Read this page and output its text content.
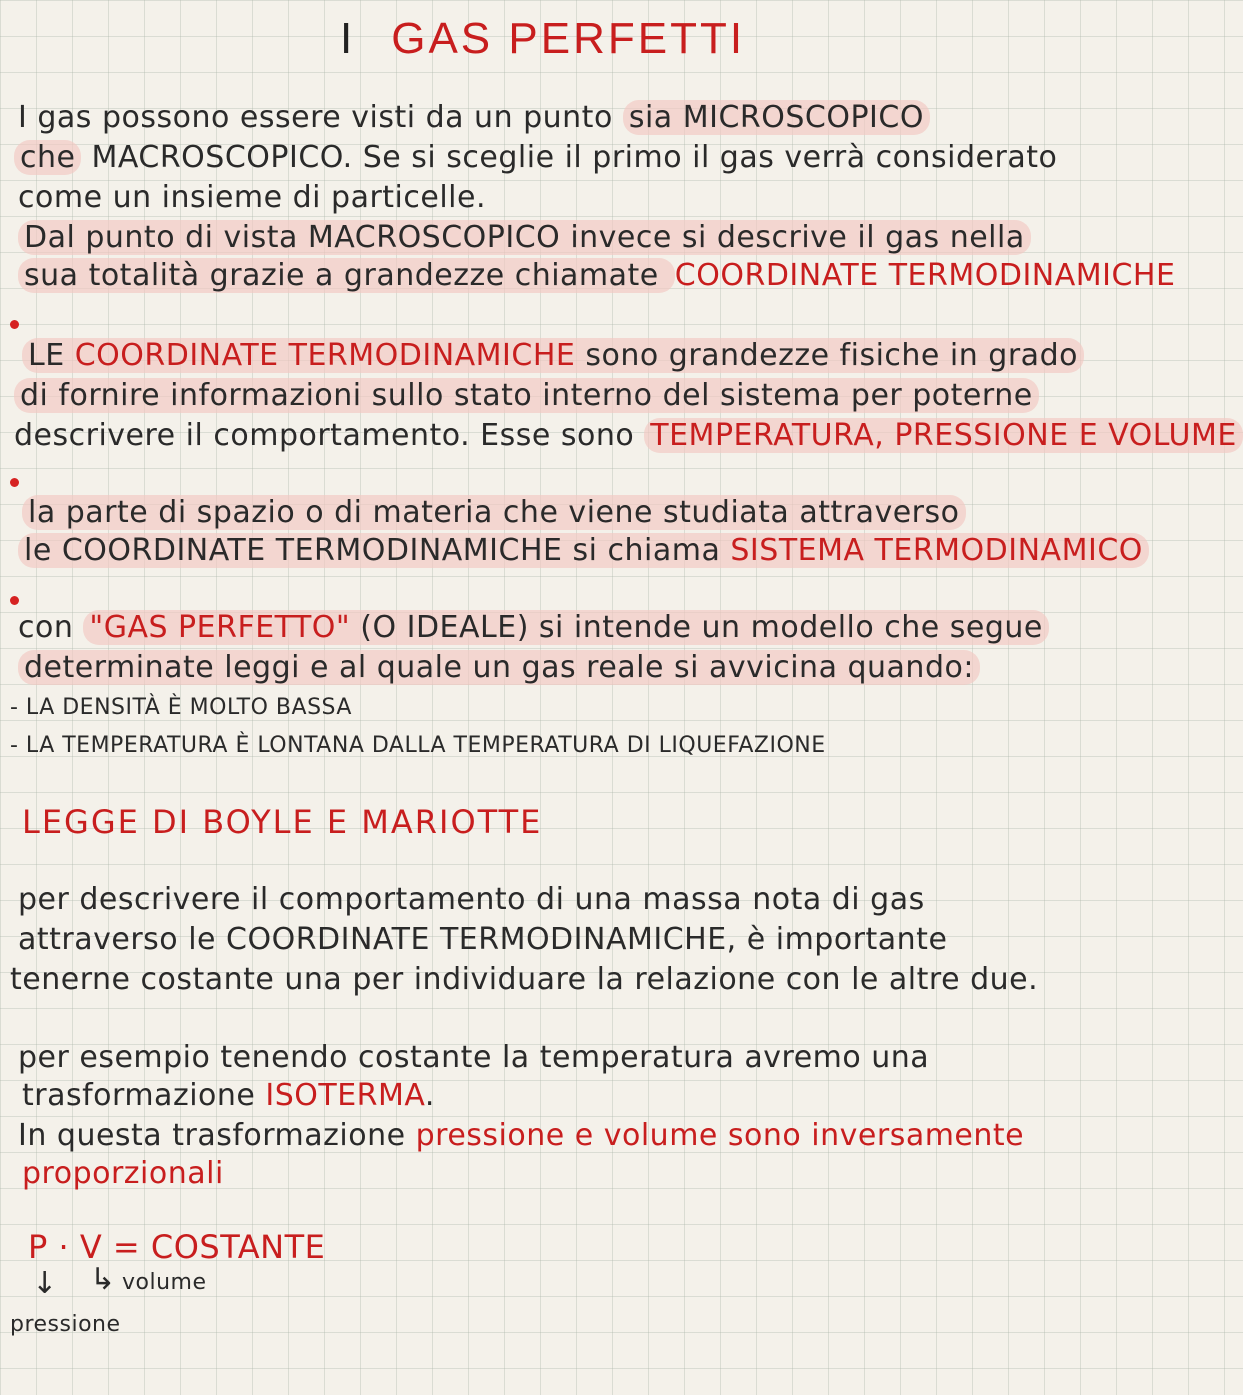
I GAS PERFETTI
I gas possono essere visti da un punto sia MICROSCOPICO
che MACROSCOPICO. Se si sceglie il primo il gas verrà considerato
come un insieme di particelle.
Dal punto di vista MACROSCOPICO invece si descrive il gas nella
sua totalità grazie a grandezze chiamate COORDINATE TERMODINAMICHE
LE COORDINATE TERMODINAMICHE sono grandezze fisiche in grado
di fornire informazioni sullo stato interno del sistema per poterne
descrivere il comportamento. Esse sono TEMPERATURA, PRESSIONE E VOLUME
la parte di spazio o di materia che viene studiata attraverso
le COORDINATE TERMODINAMICHE si chiama SISTEMA TERMODINAMICO
con "GAS PERFETTO" (O IDEALE) si intende un modello che segue
determinate leggi e al quale un gas reale si avvicina quando:
- LA DENSITÀ È MOLTO BASSA
- LA TEMPERATURA È LONTANA DALLA TEMPERATURA DI LIQUEFAZIONE
LEGGE DI BOYLE E MARIOTTE
per descrivere il comportamento di una massa nota di gas
attraverso le COORDINATE TERMODINAMICHE, è importante
tenerne costante una per individuare la relazione con le altre due.
per esempio tenendo costante la temperatura avremo una
trasformazione ISOTERMA.
In questa trasformazione pressione e volume sono inversamente
proporzionali
P · V = COSTANTE
↓ ↳ volume
pressione
